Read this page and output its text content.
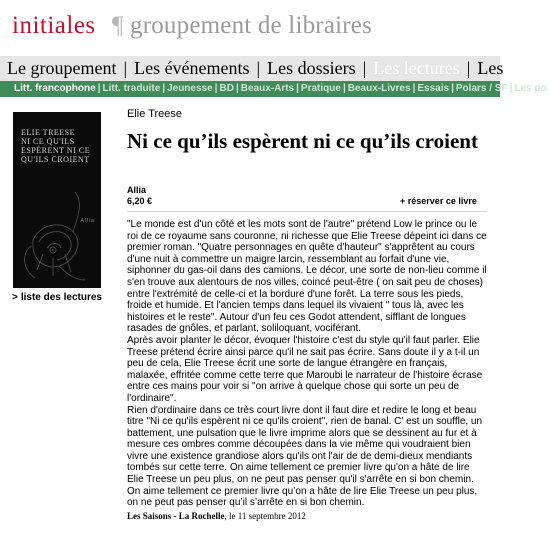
initiales ¶ groupement de libraires
Le groupement | Les événements | Les dossiers | Les lectures | Les
Litt. francophone | Litt. traduite | Jeunesse | BD | Beaux-Arts | Pratique | Beaux-Livres | Essais | Polars / SF | Les po
ELIE TREESE
NI CE QU'ILS ESPÈRENT NI CE QU'ILS CROIENT
Allia
> liste des lectures
Elie Treese
Ni ce qu’ils espèrent ni ce qu’ils croient
Allia
6,20 €	+ réserver ce livre

"Le monde est d'un côté et les mots sont de l'autre" prétend Low le prince ou le roi de ce royaume sans couronne, ni richesse que Elie Treese dépeint ici dans ce premier roman. "Quatre personnages en quête d'hauteur" s'apprêtent au cours d'une nuit à commettre un maigre larcin, ressemblant au forfait d'une vie, siphonner du gas-oil dans des camions. Le décor, une sorte de non-lieu comme il s'en trouve aux alentours de nos villes, coincé peut-être ( on sait peu de choses) entre l'extrémité de celle-ci et la bordure d'une forêt. La terre sous les pieds, froide et humide. Et l'ancien temps dans lequel ils vivaient " tous là, avec les histoires et le reste". Autour d'un feu ces Godot attendent, sifflant de longues rasades de gnôles, et parlant, soliloquant, vociférant.

Après avoir planter le décor, évoquer l'histoire c'est du style qu'il faut parler. Elie Treese prétend écrire ainsi parce qu'il ne sait pas écrire. Sans doute il y a t-il un peu de cela, Elie Treese écrit une sorte de langue étrangère en français, malaxée, effritée comme cette terre que Maroubi le narrateur de l'histoire écrase entre ces mains pour voir si "on arrive à quelque chose qui sorte un peu de l'ordinaire".

Rien d'ordinaire dans ce très court livre dont il faut dire et redire le long et beau titre "Ni ce qu'ils espèrent ni ce qu'ils croient", rien de banal. C' est un souffle, un battement, une pulsation que le livre imprime alors que se dessinent au fur et à mesure ces ombres comme découpées dans la vie même qui voudraient bien vivre une existence grandiose alors qu'ils ont l'air de de demi-dieux mendiants tombés sur cette terre. On aime tellement ce premier livre qu'on a hâte de lire Elie Treese un peu plus, on ne peut pas penser qu'il s'arrête en si bon chemin.

On aime tellement ce premier livre qu’on a hâte de lire Elie Treese un peu plus, on ne peut pas penser qu’il s’arrête en si bon chemin.

Les Saisons - La Rochelle, le 11 septembre 2012
